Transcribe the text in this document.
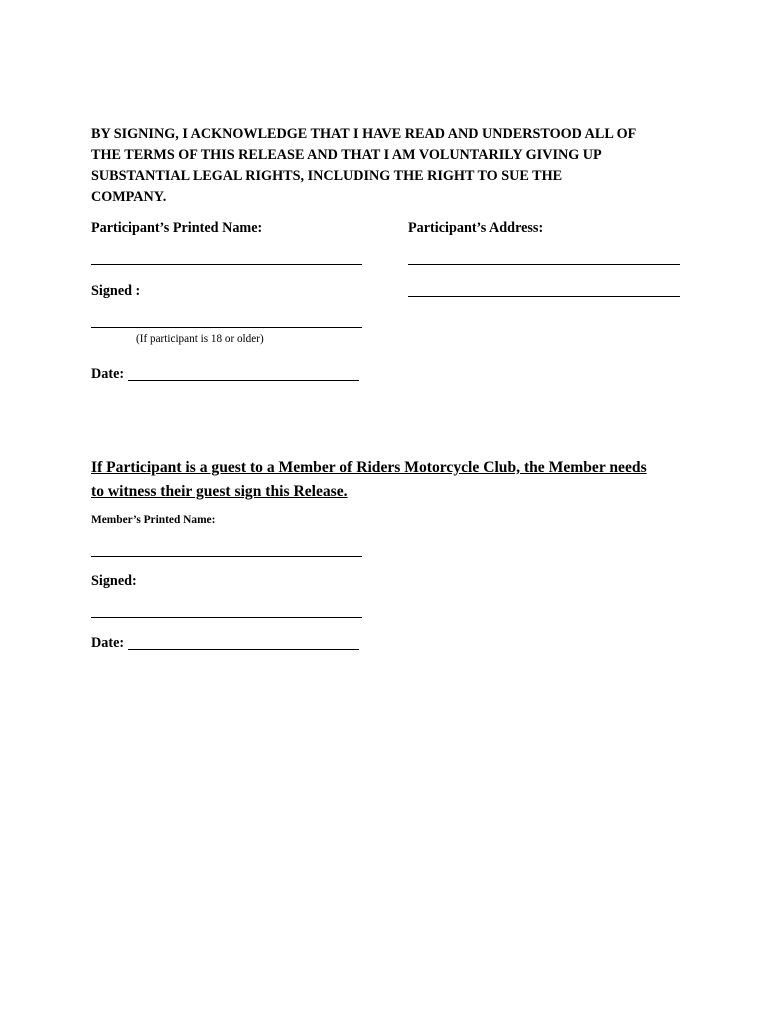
BY SIGNING, I ACKNOWLEDGE THAT I HAVE READ AND UNDERSTOOD ALL OF
THE TERMS OF THIS RELEASE AND THAT I AM VOLUNTARILY GIVING UP
SUBSTANTIAL LEGAL RIGHTS, INCLUDING THE RIGHT TO SUE THE
COMPANY.
Participant’s Printed Name:	Participant’s Address:
Signed :
(If participant is 18 or older)
Date:
If Participant is a guest to a Member of Riders Motorcycle Club, the Member needs
to witness their guest sign this Release.
Member’s Printed Name:
Signed:
Date:
